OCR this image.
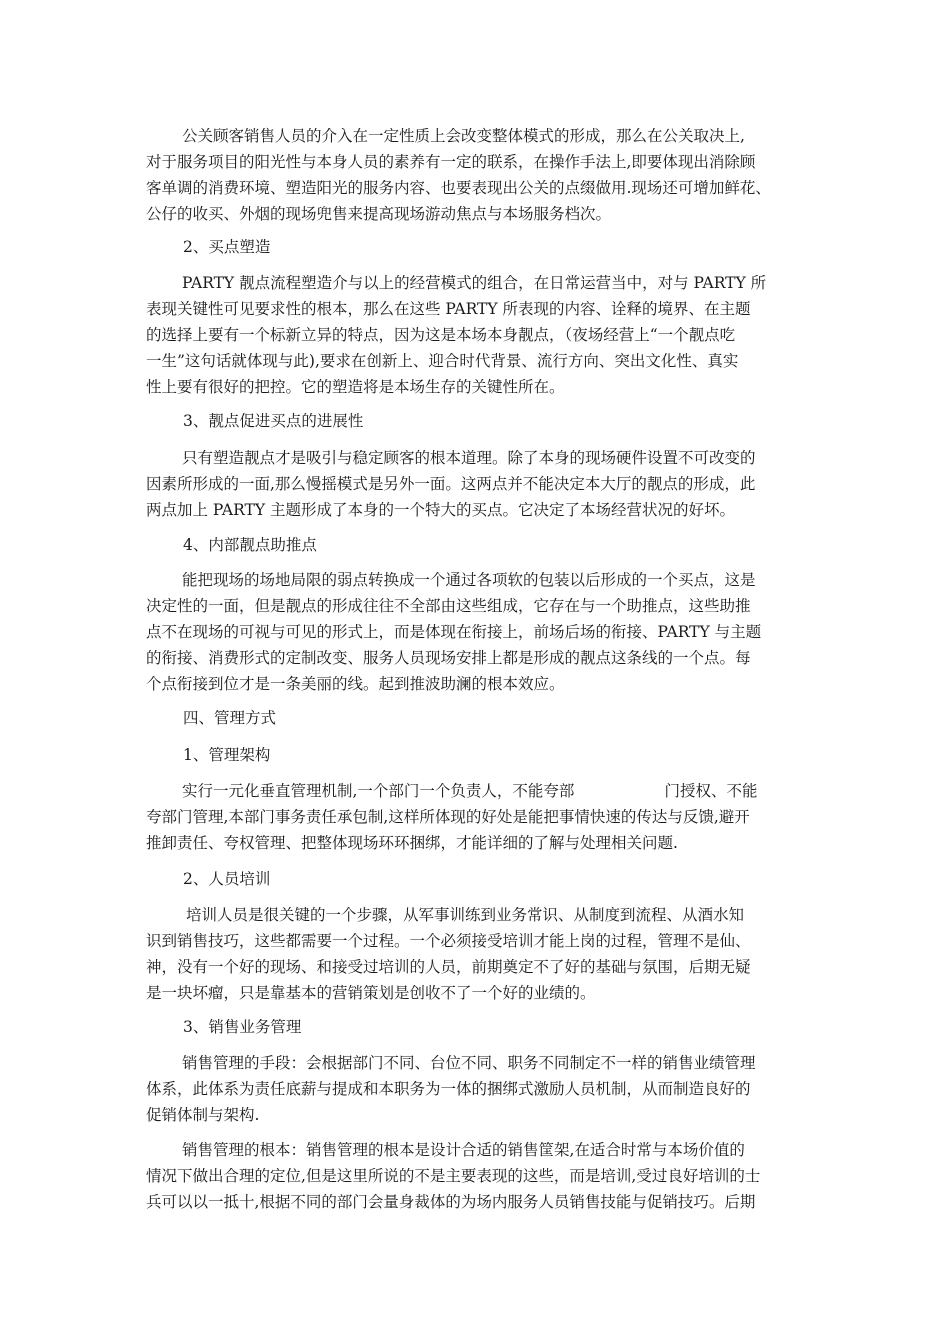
公关顾客销售人员的介入在一定性质上会改变整体模式的形成，那么在公关取决上,
对于服务项目的阳光性与本身人员的素养有一定的联系，在操作手法上,即要体现出消除顾
客单调的消费环境、塑造阳光的服务内容、也要表现出公关的点缀做用.现场还可增加鲜花、
公仔的收买、外烟的现场兜售来提高现场游动焦点与本场服务档次。
2、买点塑造
PARTY 靓点流程塑造介与以上的经营模式的组合，在日常运营当中，对与 PARTY 所
表现关键性可见要求性的根本，那么在这些 PARTY 所表现的内容、诠释的境界、在主题
的选择上要有一个标新立异的特点，因为这是本场本身靓点，（夜场经营上“一个靓点吃
一生”这句话就体现与此),要求在创新上、迎合时代背景、流行方向、突出文化性、真实
性上要有很好的把控。它的塑造将是本场生存的关键性所在。
3、靓点促进买点的进展性
只有塑造靓点才是吸引与稳定顾客的根本道理。除了本身的现场硬件设置不可改变的
因素所形成的一面,那么慢摇模式是另外一面。这两点并不能决定本大厅的靓点的形成，此
两点加上 PARTY 主题形成了本身的一个特大的买点。它决定了本场经营状况的好坏。
4、内部靓点助推点
能把现场的场地局限的弱点转换成一个通过各项软的包装以后形成的一个买点，这是
决定性的一面，但是靓点的形成往往不全部由这些组成，它存在与一个助推点，这些助推
点不在现场的可视与可见的形式上，而是体现在衔接上，前场后场的衔接、PARTY 与主题
的衔接、消费形式的定制改变、服务人员现场安排上都是形成的靓点这条线的一个点。每
个点衔接到位才是一条美丽的线。起到推波助澜的根本效应。
四、管理方式
1、管理架构
实行一元化垂直管理机制,一个部门一个负责人，不能夸部	门授权、不能
夸部门管理,本部门事务责任承包制,这样所体现的好处是能把事情快速的传达与反馈,避开
推卸责任、夸权管理、把整体现场环环捆绑，才能详细的了解与处理相关问题.
2、人员培训
培训人员是很关键的一个步骤，从军事训练到业务常识、从制度到流程、从酒水知
识到销售技巧，这些都需要一个过程。一个必须接受培训才能上岗的过程，管理不是仙、
神，没有一个好的现场、和接受过培训的人员，前期奠定不了好的基础与氛围，后期无疑
是一块坏瘤，只是靠基本的营销策划是创收不了一个好的业绩的。
3、销售业务管理
销售管理的手段：会根据部门不同、台位不同、职务不同制定不一样的销售业绩管理
体系，此体系为责任底薪与提成和本职务为一体的捆绑式激励人员机制，从而制造良好的
促销体制与架构.
销售管理的根本：销售管理的根本是设计合适的销售筐架,在适合时常与本场价值的
情况下做出合理的定位,但是这里所说的不是主要表现的这些，而是培训,受过良好培训的士
兵可以以一抵十,根据不同的部门会量身裁体的为场内服务人员销售技能与促销技巧。后期
